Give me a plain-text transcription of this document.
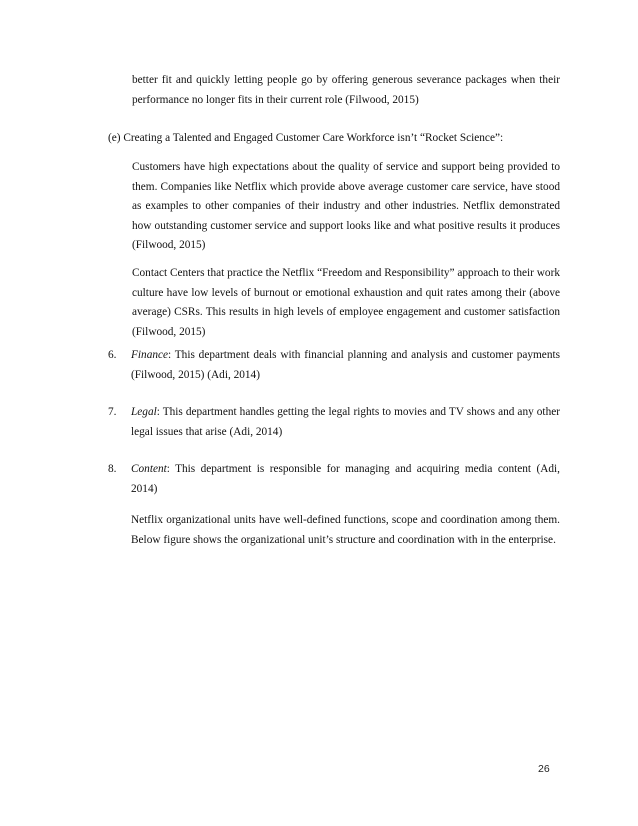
better fit and quickly letting people go by offering generous severance packages when their performance no longer fits in their current role (Filwood, 2015)

(e) Creating a Talented and Engaged Customer Care Workforce isn’t “Rocket Science”:

Customers have high expectations about the quality of service and support being provided to them. Companies like Netflix which provide above average customer care service, have stood as examples to other companies of their industry and other industries. Netflix demonstrated how outstanding customer service and support looks like and what positive results it produces (Filwood, 2015)

Contact Centers that practice the Netflix “Freedom and Responsibility” approach to their work culture have low levels of burnout or emotional exhaustion and quit rates among their (above average) CSRs. This results in high levels of employee engagement and customer satisfaction (Filwood, 2015)

6. Finance: This department deals with financial planning and analysis and customer payments (Filwood, 2015) (Adi, 2014)
7. Legal: This department handles getting the legal rights to movies and TV shows and any other legal issues that arise (Adi, 2014)
8. Content: This department is responsible for managing and acquiring media content (Adi, 2014)

Netflix organizational units have well-defined functions, scope and coordination among them. Below figure shows the organizational unit’s structure and coordination with in the enterprise.

26
